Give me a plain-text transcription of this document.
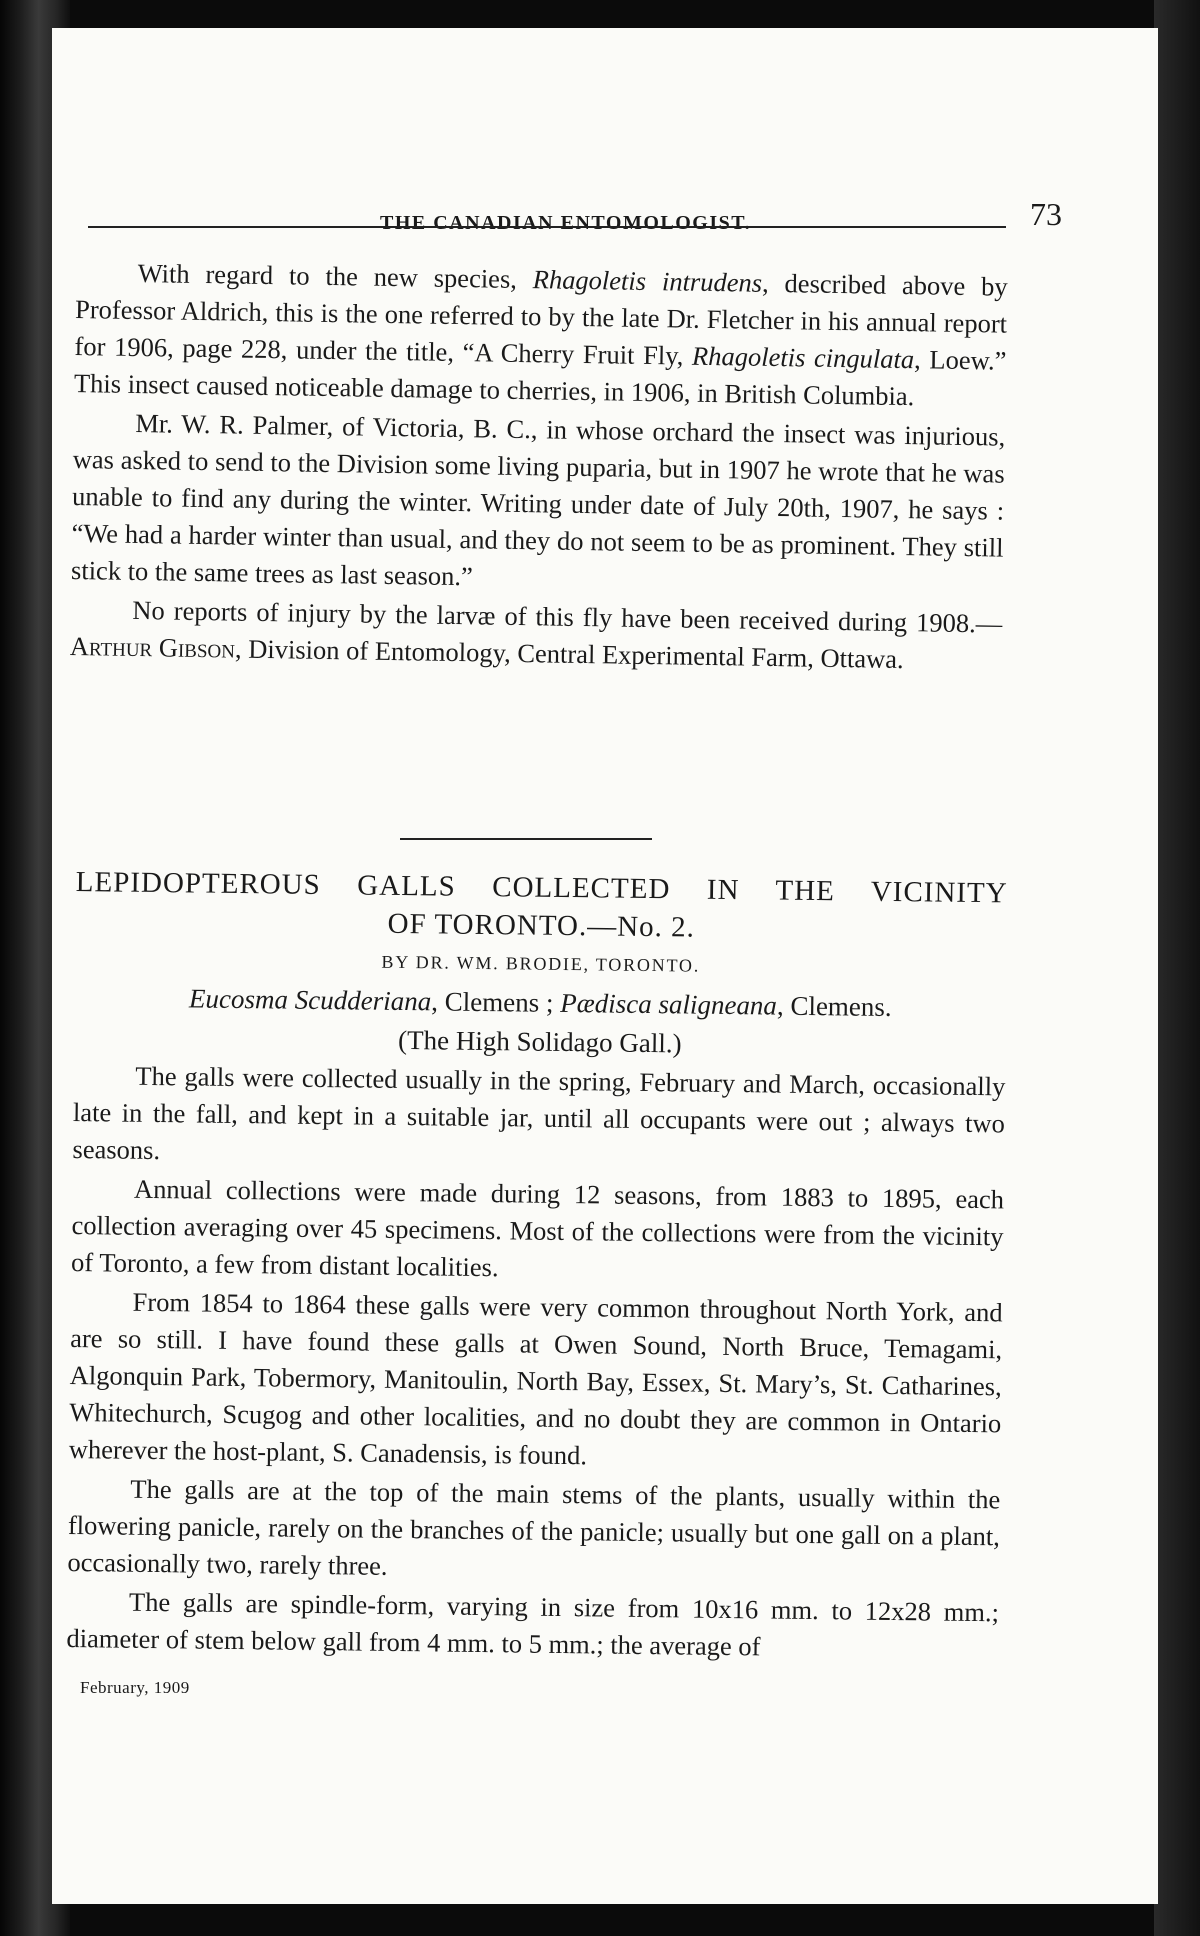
THE CANADIAN ENTOMOLOGIST.	73

With regard to the new species, Rhagoletis intrudens, described above by Professor Aldrich, this is the one referred to by the late Dr. Fletcher in his annual report for 1906, page 228, under the title, “A Cherry Fruit Fly, Rhagoletis cingulata, Loew.” This insect caused noticeable damage to cherries, in 1906, in British Columbia.

Mr. W. R. Palmer, of Victoria, B. C., in whose orchard the insect was injurious, was asked to send to the Division some living puparia, but in 1907 he wrote that he was unable to find any during the winter. Writing under date of July 20th, 1907, he says : “We had a harder winter than usual, and they do not seem to be as prominent. They still stick to the same trees as last season.”

No reports of injury by the larvæ of this fly have been received during 1908.—Arthur Gibson, Division of Entomology, Central Experimental Farm, Ottawa.

LEPIDOPTEROUS GALLS COLLECTED IN THE VICINITY

OF TORONTO.—No. 2.

BY DR. WM. BRODIE, TORONTO.

Eucosma Scudderiana, Clemens ; Pædisca saligneana, Clemens.

(The High Solidago Gall.)

The galls were collected usually in the spring, February and March, occasionally late in the fall, and kept in a suitable jar, until all occupants were out ; always two seasons.

Annual collections were made during 12 seasons, from 1883 to 1895, each collection averaging over 45 specimens. Most of the collections were from the vicinity of Toronto, a few from distant localities.

From 1854 to 1864 these galls were very common throughout North York, and are so still. I have found these galls at Owen Sound, North Bruce, Temagami, Algonquin Park, Tobermory, Manitoulin, North Bay, Essex, St. Mary’s, St. Catharines, Whitechurch, Scugog and other localities, and no doubt they are common in Ontario wherever the host-plant, S. Canadensis, is found.

The galls are at the top of the main stems of the plants, usually within the flowering panicle, rarely on the branches of the panicle; usually but one gall on a plant, occasionally two, rarely three.

The galls are spindle-form, varying in size from 10x16 mm. to 12x28 mm.; diameter of stem below gall from 4 mm. to 5 mm.; the average of

February, 1909
